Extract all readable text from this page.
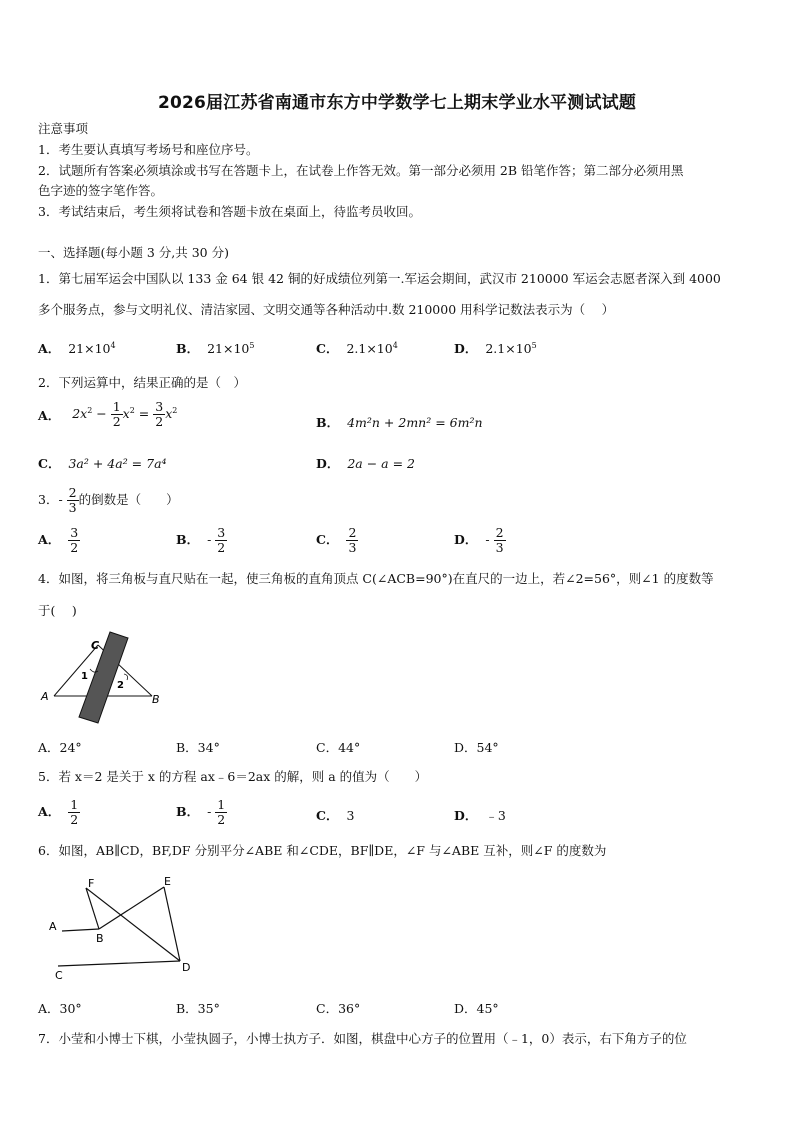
2026届江苏省南通市东方中学数学七上期末学业水平测试试题
注意事项
1．考生要认真填写考场号和座位序号。
2．试题所有答案必须填涂或书写在答题卡上，在试卷上作答无效。第一部分必须用 2B 铅笔作答；第二部分必须用黑
色字迹的签字笔作答。
3．考试结束后，考生须将试卷和答题卡放在桌面上，待监考员收回。
一、选择题(每小题 3 分,共 30 分)
1．第七届军运会中国队以 133 金 64 银 42 铜的好成绩位列第一.军运会期间，武汉市 210000 军运会志愿者深入到 4000
多个服务点，参与文明礼仪、清洁家园、文明交通等各种活动中.数 210000 用科学记数法表示为（　 ）
A． $21\times 10^4$	B． $21\times 10^5$	C． $2.1\times 10^4$	D． $2.1\times 10^5$
2．下列运算中，结果正确的是（　）
A． $2x^2 - \frac{1}{2} x^2 = \frac{3}{2} x^2$
B． 4m²n + 2mn² = 6m²n
C． 3a² + 4a² = 7a⁴	D． 2a − a = 2
3．- $\frac{2}{3}$ 的倒数是（　　）
A． $\frac{3}{2}$	B． - $\frac{3}{2}$	C． $\frac{2}{3}$	D． - $\frac{2}{3}$
4．如图，将三角板与直尺贴在一起，使三角板的直角顶点 C(∠ACB=90°)在直尺的一边上，若∠2=56°，则∠1 的度数等
于(　 )
C
A	B
1
2
A．24°	B．34°	C．44°	D．54°
5．若 x＝2 是关于 x 的方程 ax﹣6＝2ax 的解，则 a 的值为（　　）
A． $\frac{1}{2}$	B． - $\frac{1}{2}$	C． 3	D． ﹣3
6．如图，AB∥CD，BF,DF 分别平分∠ABE 和∠CDE，BF∥DE，∠F 与∠ABE 互补，则∠F 的度数为
F	E
A
B
C
D
A．30°	B．35°	C．36°	D．45°
7．小莹和小博士下棋，小莹执圆子，小博士执方子．如图，棋盘中心方子的位置用（﹣1，0）表示，右下角方子的位
